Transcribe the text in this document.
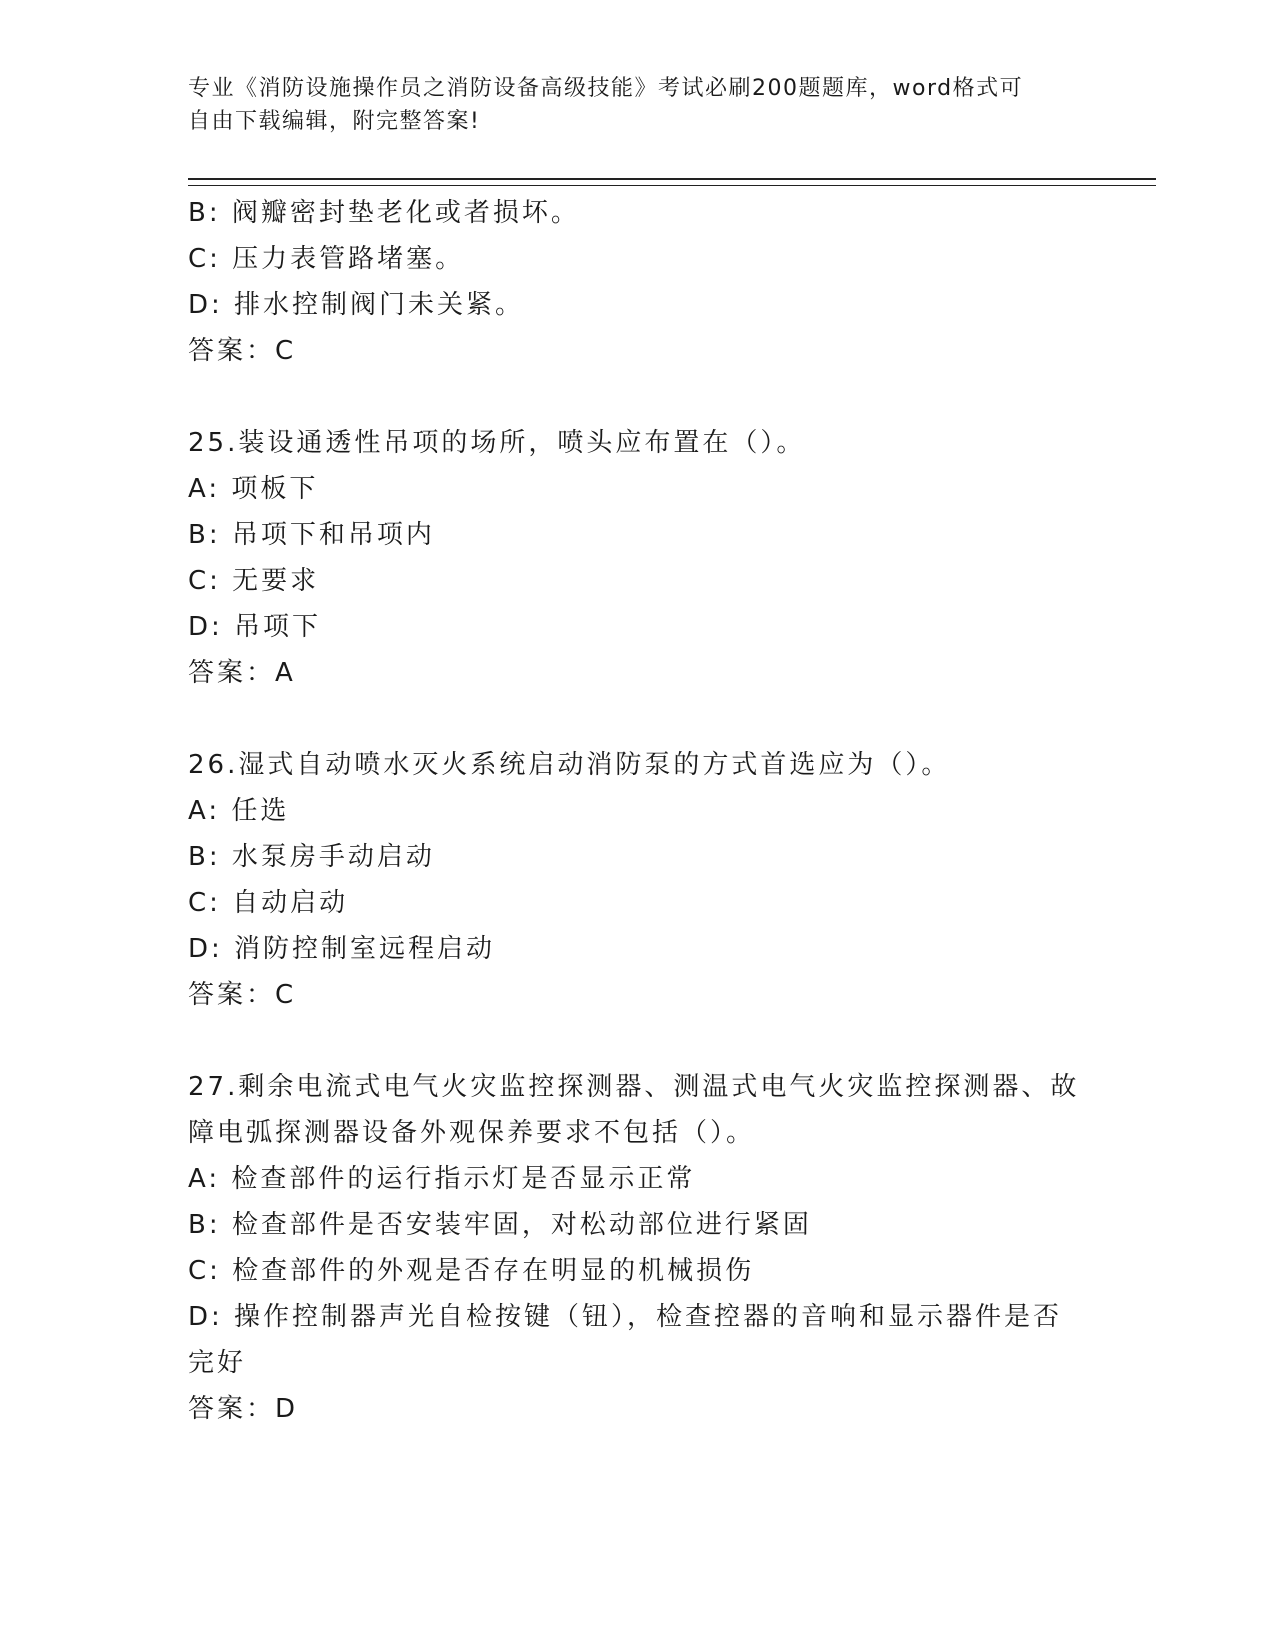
专业《消防设施操作员之消防设备高级技能》考试必刷200题题库，word格式可
自由下载编辑，附完整答案!
B: 阀瓣密封垫老化或者损坏。
C: 压力表管路堵塞。
D: 排水控制阀门未关紧。
答案：C
25.装设通透性吊项的场所，喷头应布置在（）。
A: 项板下
B: 吊项下和吊项内
C: 无要求
D: 吊项下
答案：A
26.湿式自动喷水灭火系统启动消防泵的方式首选应为（）。
A: 任选
B: 水泵房手动启动
C: 自动启动
D: 消防控制室远程启动
答案：C
27.剩余电流式电气火灾监控探测器、测温式电气火灾监控探测器、故
障电弧探测器设备外观保养要求不包括（）。
A: 检查部件的运行指示灯是否显示正常
B: 检查部件是否安装牢固，对松动部位进行紧固
C: 检查部件的外观是否存在明显的机械损伤
D: 操作控制器声光自检按键（钮），检查控器的音响和显示器件是否
完好
答案：D
